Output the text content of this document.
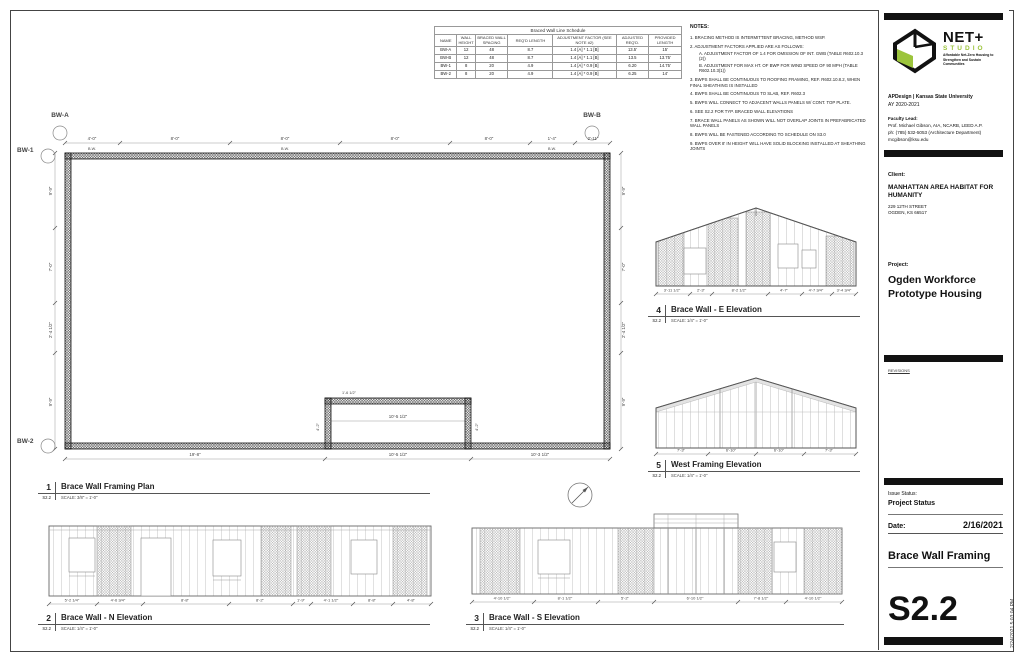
Braced Wall Line Schedule						
NAME	WALL HEIGHT	BRACED WALL SPACING	REQ'D LENGTH	ADJUSTMENT FACTOR (SEE NOTE #2)	ADJUSTED REQ'D.	PROVIDED LENGTH
BW-A	12	48	8.7	1.4 [A] * 1.1 [B]	13.5'	15'
BW-B	12	48	8.7	1.4 [A] * 1.1 [B]	13.5	13.75'
BW-1	8	20	4.9	1.4 [A] * 0.9 [B]	6.20	14.75'
BW-2	8	20	4.9	1.4 [A] * 0.9 [B]	6.25	14'
NOTES:
1. BRACING METHOD IS INTERMITTENT BRACING, METHOD WSP.
2. ADJUSTMENT FACTORS APPLIED ARE AS FOLLOWS:
A. ADJUSTMENT FACTOR OF 1.4 FOR OMISSION OF INT. GWB (TABLE R602.10.3 (2))
B. ADJUSTMENT FOR MAX HT. OF BWP FOR WIND SPEED OF 90 MPH (TABLE R602.10.3(1))
3. BWPS SHALL BE CONTINUOUS TO ROOFING FRAMING, REF. R602.10.8.2, WHEN FINAL SHEATHING IS INSTALLED
4. BWPS SHALL BE CONTINUOUS TO SLAB, REF. R602.3
5. BWPS WILL CONNECT TO ADJACENT WALLS PANELS W/ CONT. TOP PLATE.
6. SEE S2.2 FOR TYP. BRACED WALL ELEVATIONS
7. BRACE WALL PANELS AS SHOWN WILL NOT OVERLAP JOINTS IN PREFABRICATED WALL PANELS
8. BWPS WILL BE FASTENED ACCORDING TO SCHEDULE ON S3.0
9. BWPS OVER 8' IN HEIGHT WILL HAVE SOLID BLOCKING INSTALLED AT SHEATHING JOINTS
BW-A	BW-B
BW-1
BW-2
4'-0"	8'-0"	8'-0"	8'-0"	8'-0"	1'-4"	2'-11"
B.W.	B.W.	B.W.
9'-9"
7'-0"
2'-4 1/2"
9'-9"
9'-9"
7'-0"
2'-4 1/2"
9'-9"
19'-8"	10'-5 1/2"	10'-3 1/2"
10'-5 1/2"
4'-2"	4'-2"
1'-6 1/2"
1	Brace Wall Framing Plan
S2.2	SCALE: 3/8" = 1'-0"
4	Brace Wall - E Elevation
S2.2	SCALE: 1/4" = 1'-0"
5	West Framing Elevation
S2.2	SCALE: 1/4" = 1'-0"
2	Brace Wall - N Elevation
S2.2	SCALE: 1/4" = 1'-0"
3	Brace Wall - S Elevation
S2.2	SCALE: 1/4" = 1'-0"
3'-11 1/2"	2'-3"	8'-2 1/2"	4'-7"	4'-7 3/4"	3'-4 3/4"
7'-3"	6'-10"	6'-10"	7'-3"
5'-2 1/4"	4'-6 3/4"	8'-8"	8'-2"	1'-9"	4'-1 1/2"	8'-8"	4'-8"	4'-10 1/2"	8'-1 1/2"	5'-2"	6'-10 1/2"	7'-8 1/2"	4'-10 1/2"
NET+
STUDIO
Affordable Net-Zero Housing to
Strengthen and Sustain Communities
APDesign | Kansas State University
AY 2020-2021
Faculty Lead:
Prof. Michael Gibson, AIA, NCARB, LEED A.P.
ph: (785) 532-5053 (Architecture Department)
mcgibson@ksu.edu
Client:
MANHATTAN AREA HABITAT FOR
HUMANITY
229 12TH STREET
OGDEN, KS 66517
Project:
Ogden Workforce
Prototype Housing
REVISIONS
Issue Status:
Project Status
Date:	2/16/2021
Brace Wall Framing
S2.2	2/24/2021 5:03:04 PM
